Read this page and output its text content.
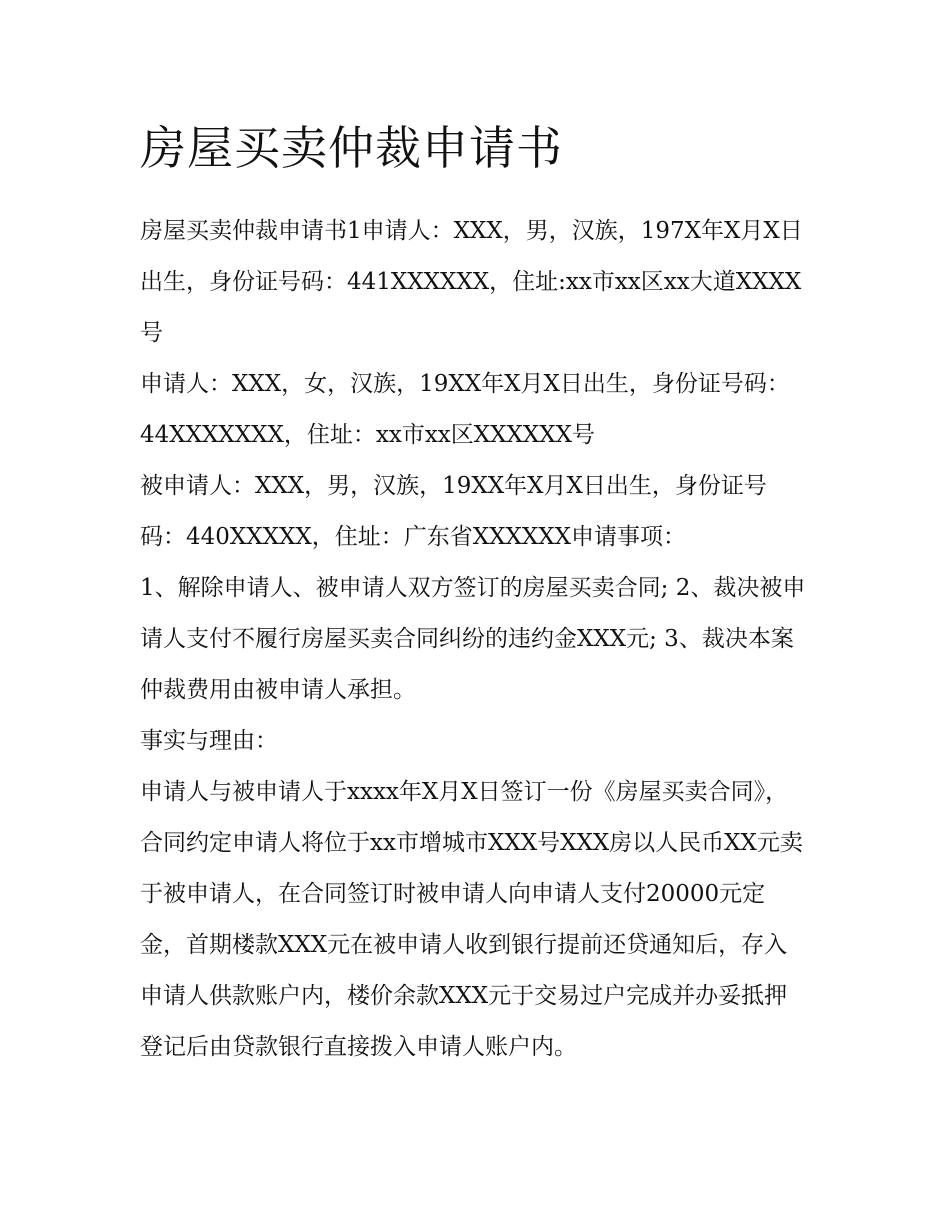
房屋买卖仲裁申请书

房屋买卖仲裁申请书1申请人：XXX，男，汉族，197X年X月X日出生，身份证号码：441XXXXXX，住址:xx市xx区xx大道XXXX号

申请人：XXX，女，汉族，19XX年X月X日出生，身份证号码：44XXXXXXX，住址：xx市xx区XXXXXX号

被申请人：XXX，男，汉族，19XX年X月X日出生，身份证号码：440XXXXX，住址：广东省XXXXXX申请事项：

1、解除申请人、被申请人双方签订的房屋买卖合同; 2、裁决被申请人支付不履行房屋买卖合同纠纷的违约金XXX元; 3、裁决本案仲裁费用由被申请人承担。

事实与理由：

申请人与被申请人于xxxx年X月X日签订一份《房屋买卖合同》，合同约定申请人将位于xx市增城市XXX号XXX房以人民币XX元卖于被申请人，在合同签订时被申请人向申请人支付20000元定金，首期楼款XXX元在被申请人收到银行提前还贷通知后，存入申请人供款账户内，楼价余款XXX元于交易过户完成并办妥抵押登记后由贷款银行直接拨入申请人账户内。
